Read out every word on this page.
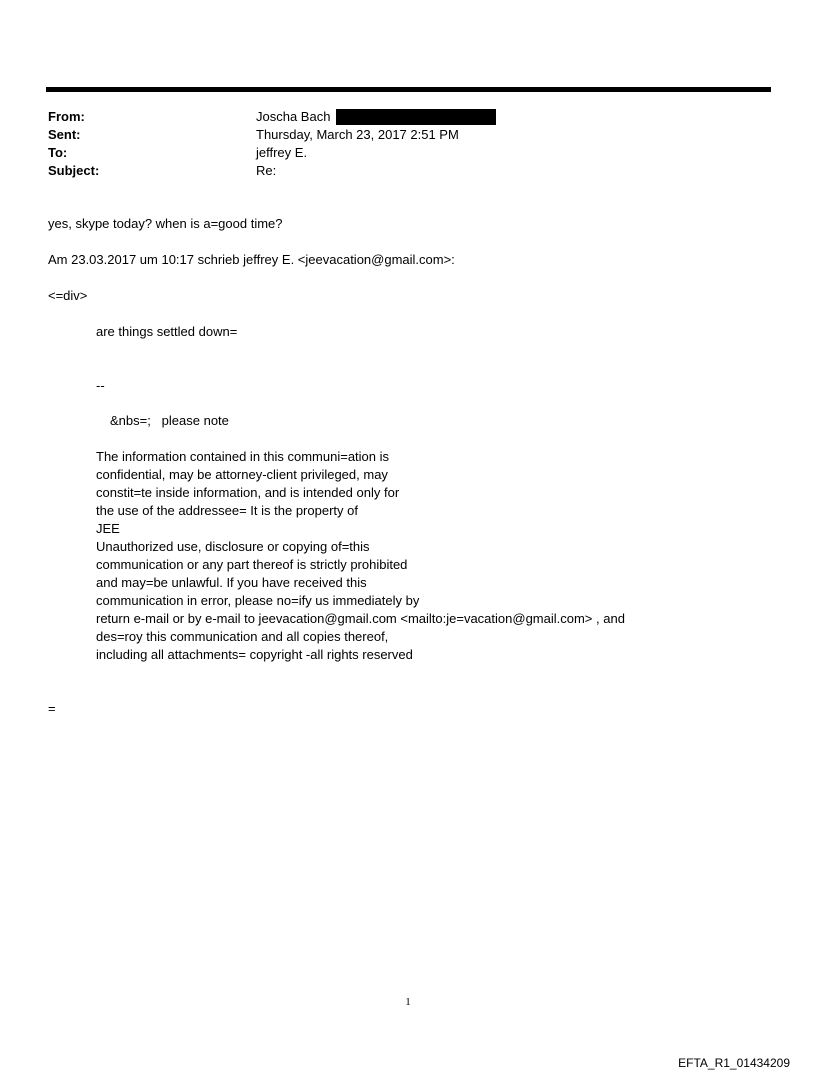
From:	Joscha Bach
Sent:	Thursday, March 23, 2017 2:51 PM
To:	jeffrey E.
Subject:	Re:
yes, skype today? when is a=good time?
Am 23.03.2017 um 10:17 schrieb jeffrey E. <jeevacation@gmail.com>:
<=div>
are things settled down=
--
&nbs=;   please note
The information contained in this communi=ation is
confidential, may be attorney-client privileged, may
constit=te inside information, and is intended only for
the use of the addressee= It is the property of
JEE
Unauthorized use, disclosure or copying of=this
communication or any part thereof is strictly prohibited
and may=be unlawful. If you have received this
communication in error, please no=ify us immediately by
return e-mail or by e-mail to jeevacation@gmail.com <mailto:je=vacation@gmail.com> , and
des=roy this communication and all copies thereof,
including all attachments= copyright -all rights reserved
=
1
EFTA_R1_01434209
